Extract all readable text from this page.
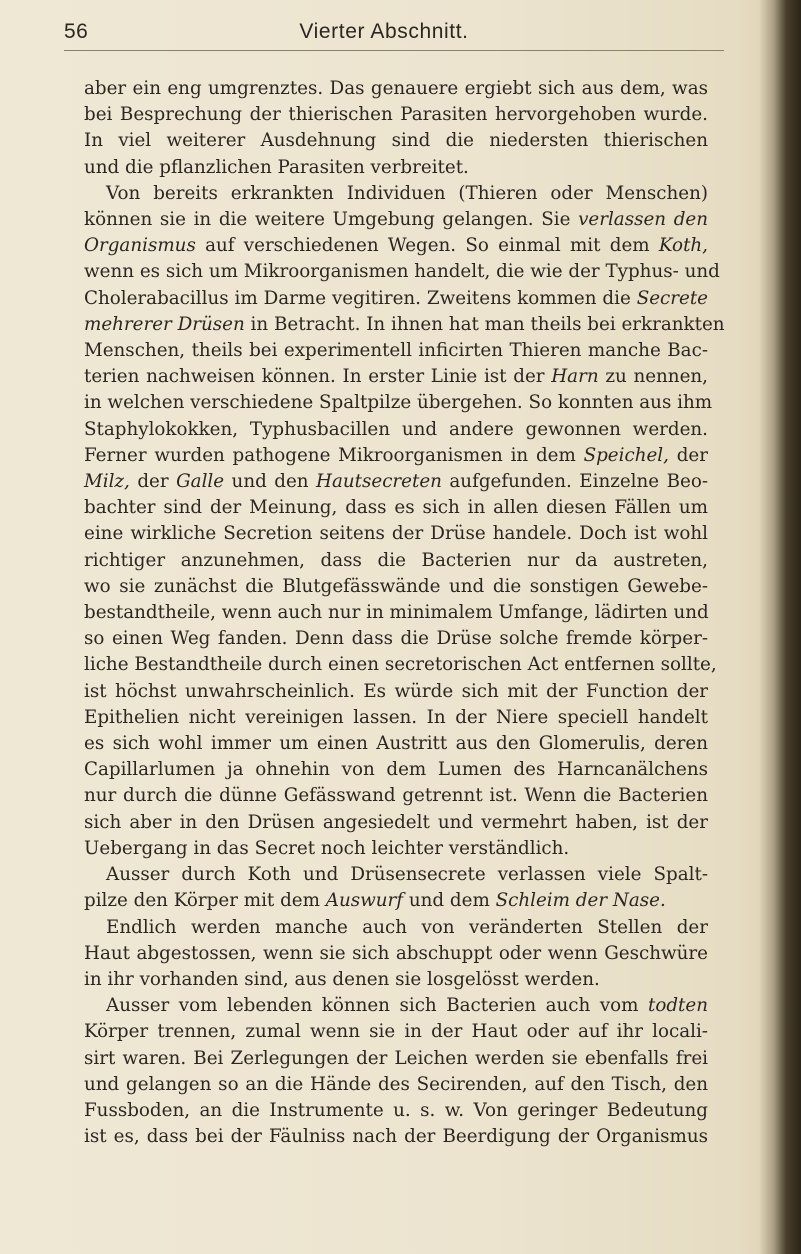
56	Vierter Abschnitt.
aber ein eng umgrenztes. Das genauere ergiebt sich aus dem, was
bei Besprechung der thierischen Parasiten hervorgehoben wurde.
In viel weiterer Ausdehnung sind die niedersten thierischen
und die pflanzlichen Parasiten verbreitet.
Von bereits erkrankten Individuen (Thieren oder Menschen)
können sie in die weitere Umgebung gelangen. Sie verlassen den
Organismus auf verschiedenen Wegen. So einmal mit dem Koth,
wenn es sich um Mikroorganismen handelt, die wie der Typhus- und
Cholerabacillus im Darme vegitiren. Zweitens kommen die Secrete
mehrerer Drüsen in Betracht. In ihnen hat man theils bei erkrankten
Menschen, theils bei experimentell inficirten Thieren manche Bac-
terien nachweisen können. In erster Linie ist der Harn zu nennen,
in welchen verschiedene Spaltpilze übergehen. So konnten aus ihm
Staphylokokken, Typhusbacillen und andere gewonnen werden.
Ferner wurden pathogene Mikroorganismen in dem Speichel, der
Milz, der Galle und den Hautsecreten aufgefunden. Einzelne Beo-
bachter sind der Meinung, dass es sich in allen diesen Fällen um
eine wirkliche Secretion seitens der Drüse handele. Doch ist wohl
richtiger anzunehmen, dass die Bacterien nur da austreten,
wo sie zunächst die Blutgefässwände und die sonstigen Gewebe-
bestandtheile, wenn auch nur in minimalem Umfange, lädirten und
so einen Weg fanden. Denn dass die Drüse solche fremde körper-
liche Bestandtheile durch einen secretorischen Act entfernen sollte,
ist höchst unwahrscheinlich. Es würde sich mit der Function der
Epithelien nicht vereinigen lassen. In der Niere speciell handelt
es sich wohl immer um einen Austritt aus den Glomerulis, deren
Capillarlumen ja ohnehin von dem Lumen des Harncanälchens
nur durch die dünne Gefässwand getrennt ist. Wenn die Bacterien
sich aber in den Drüsen angesiedelt und vermehrt haben, ist der
Uebergang in das Secret noch leichter verständlich.
Ausser durch Koth und Drüsensecrete verlassen viele Spalt-
pilze den Körper mit dem Auswurf und dem Schleim der Nase.
Endlich werden manche auch von veränderten Stellen der
Haut abgestossen, wenn sie sich abschuppt oder wenn Geschwüre
in ihr vorhanden sind, aus denen sie losgelösst werden.
Ausser vom lebenden können sich Bacterien auch vom todten
Körper trennen, zumal wenn sie in der Haut oder auf ihr locali-
sirt waren. Bei Zerlegungen der Leichen werden sie ebenfalls frei
und gelangen so an die Hände des Secirenden, auf den Tisch, den
Fussboden, an die Instrumente u. s. w. Von geringer Bedeutung
ist es, dass bei der Fäulniss nach der Beerdigung der Organismus
